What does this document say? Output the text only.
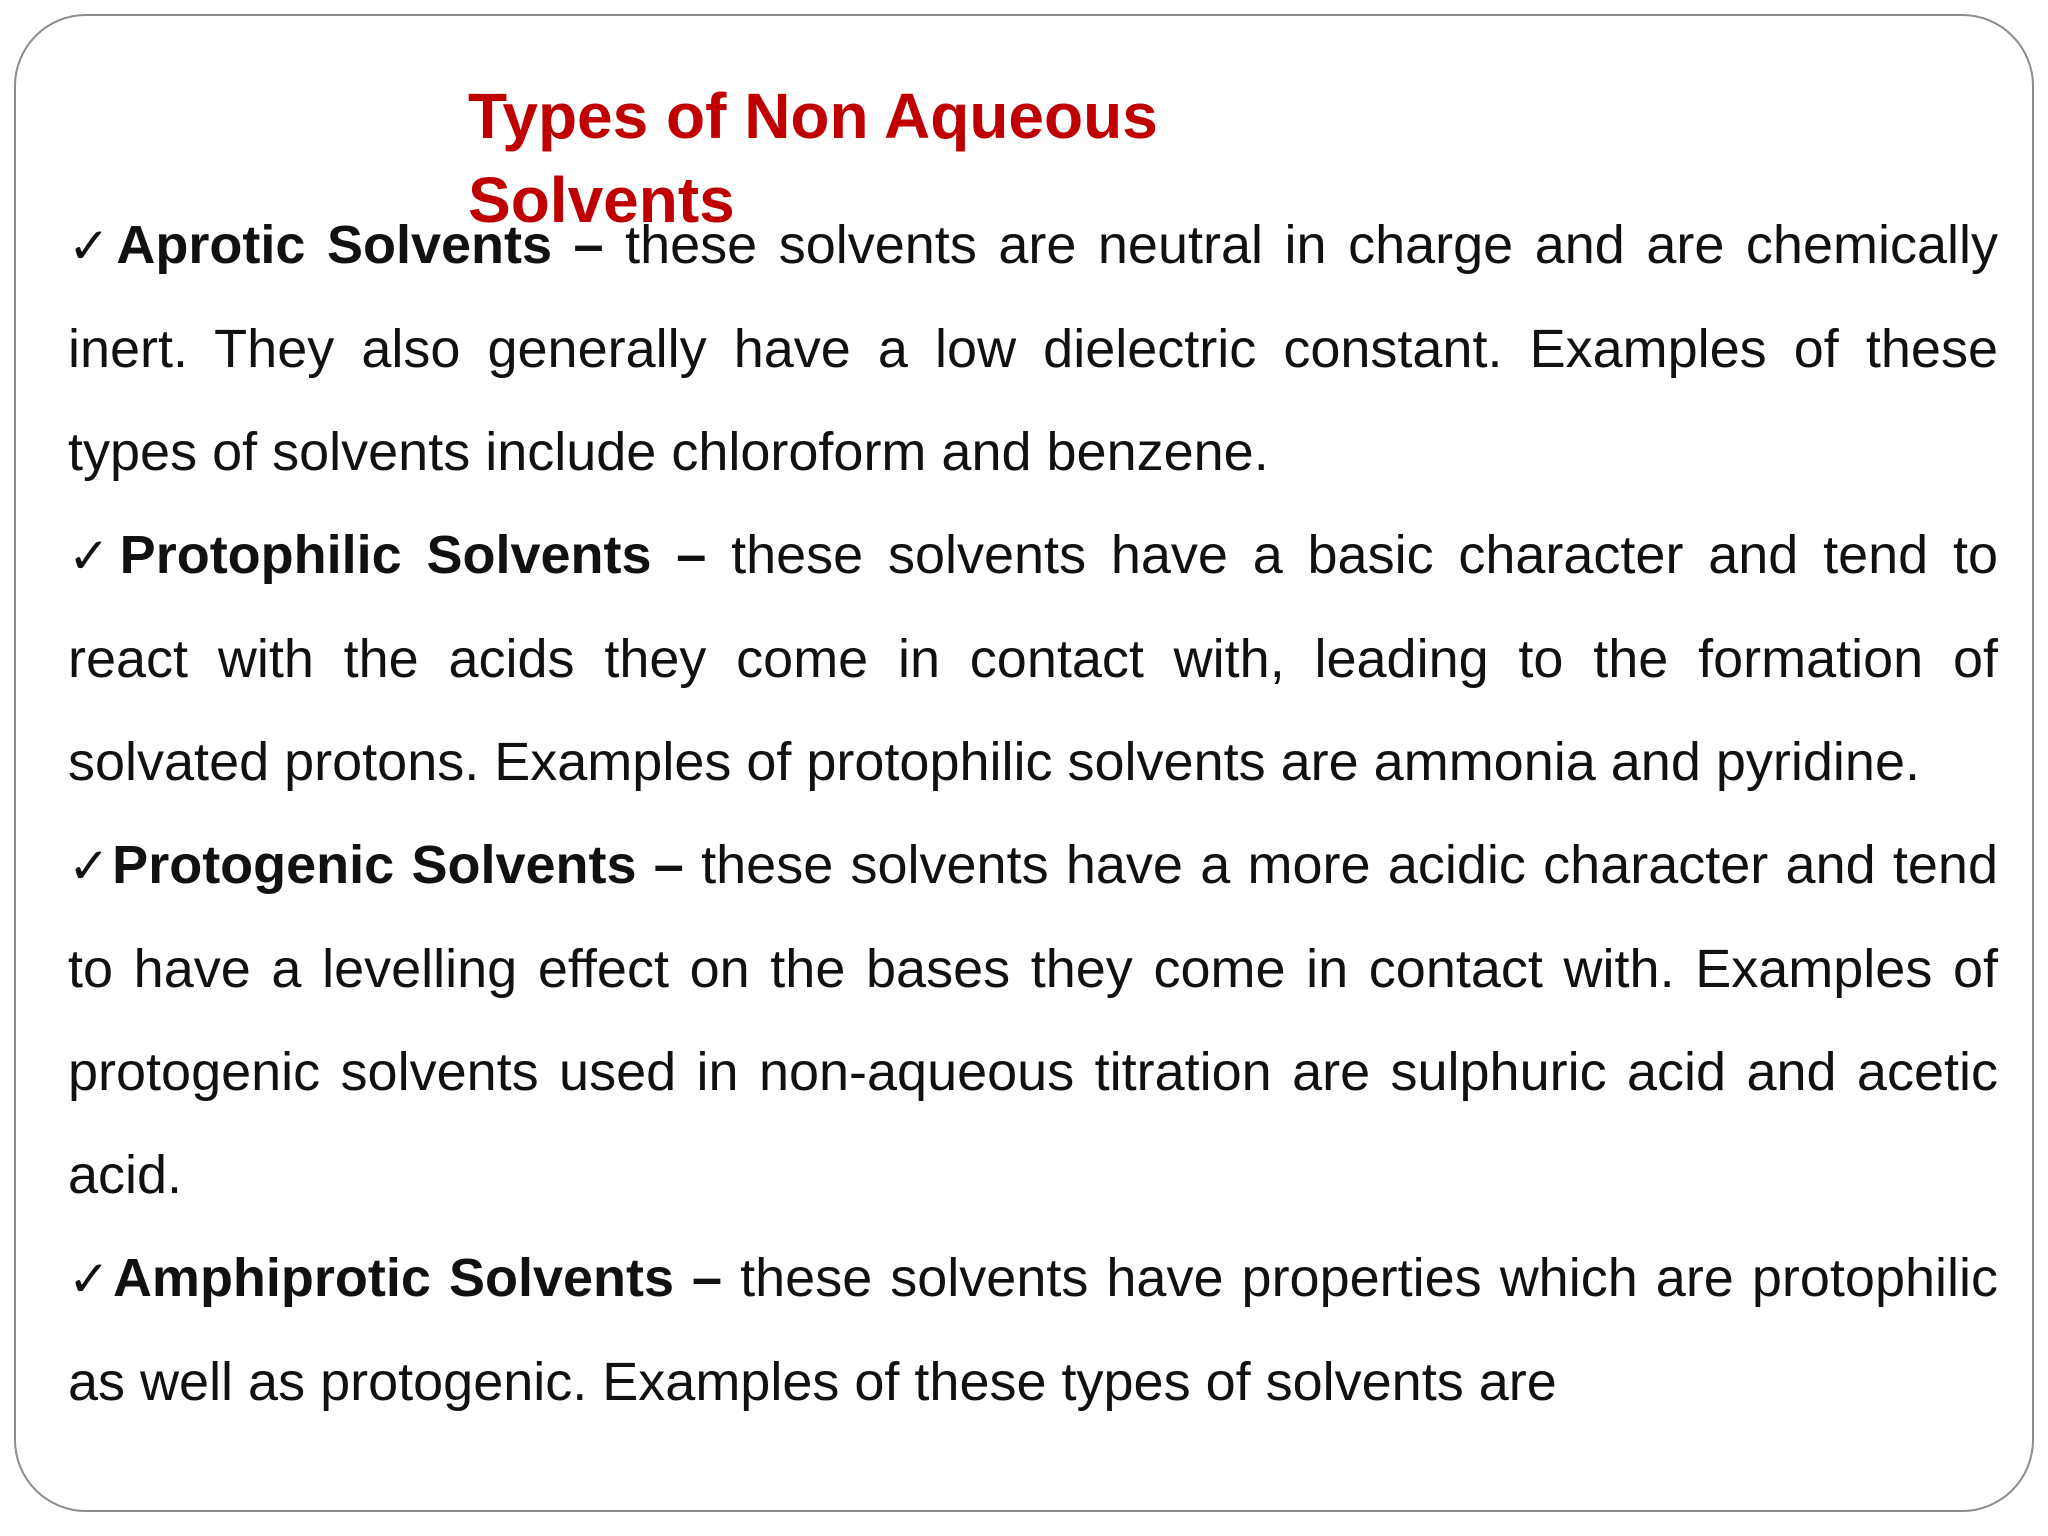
Types of Non Aqueous Solvents

✓Aprotic Solvents – these solvents are neutral in charge and are chemically inert. They also generally have a low dielectric constant. Examples of these types of solvents include chloroform and benzene.

✓Protophilic Solvents – these solvents have a basic character and tend to react with the acids they come in contact with, leading to the formation of solvated protons. Examples of protophilic solvents are ammonia and pyridine.

✓Protogenic Solvents – these solvents have a more acidic character and tend to have a levelling effect on the bases they come in contact with. Examples of protogenic solvents used in non-aqueous titration are sulphuric acid and acetic acid.

✓Amphiprotic Solvents – these solvents have properties which are protophilic as well as protogenic. Examples of these types of solvents are
